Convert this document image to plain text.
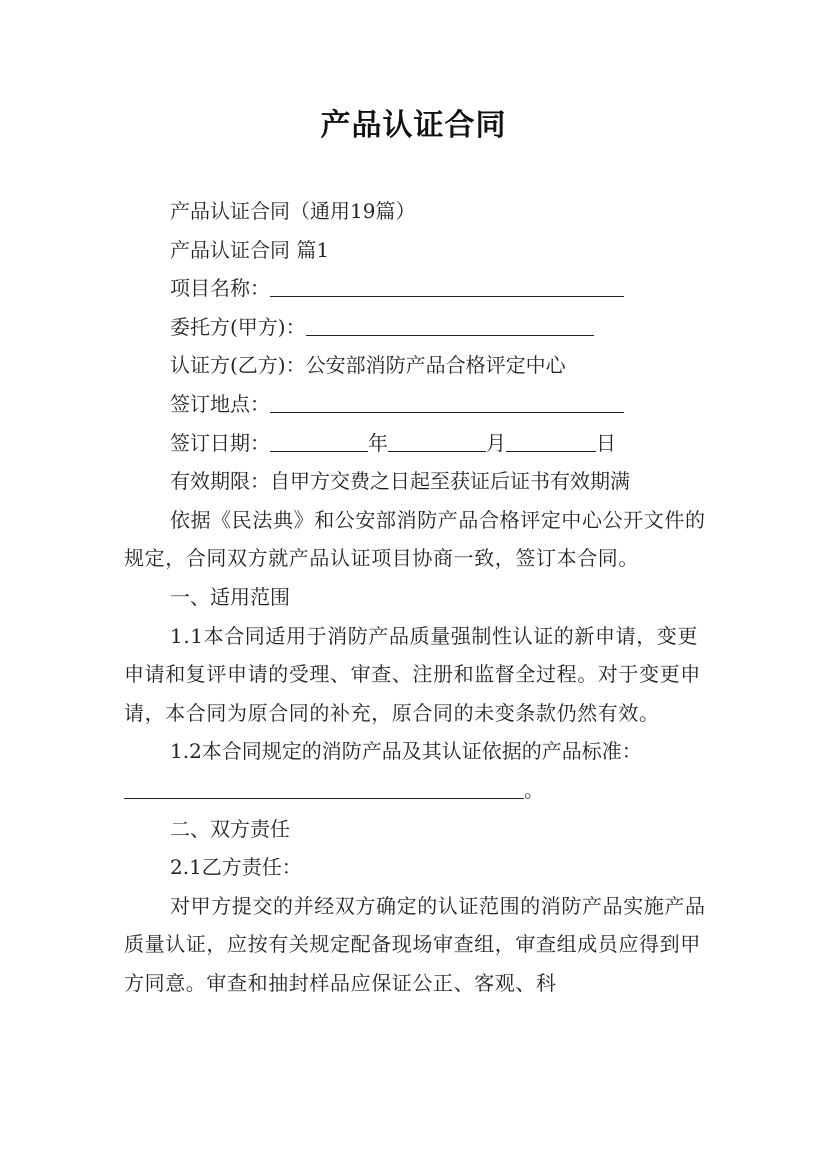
产品认证合同

产品认证合同（通用19篇）

产品认证合同 篇1

项目名称：

委托方(甲方)：

认证方(乙方)：公安部消防产品合格评定中心

签订地点：

签订日期：	年	月	日

有效期限：自甲方交费之日起至获证后证书有效期满

依据《民法典》和公安部消防产品合格评定中心公开文件的规定，合同双方就产品认证项目协商一致，签订本合同。

一、适用范围

1.1本合同适用于消防产品质量强制性认证的新申请，变更申请和复评申请的受理、审查、注册和监督全过程。对于变更申请，本合同为原合同的补充，原合同的未变条款仍然有效。

1.2本合同规定的消防产品及其认证依据的产品标准：

。

二、双方责任

2.1乙方责任：

对甲方提交的并经双方确定的认证范围的消防产品实施产品质量认证，应按有关规定配备现场审查组，审查组成员应得到甲方同意。审查和抽封样品应保证公正、客观、科
